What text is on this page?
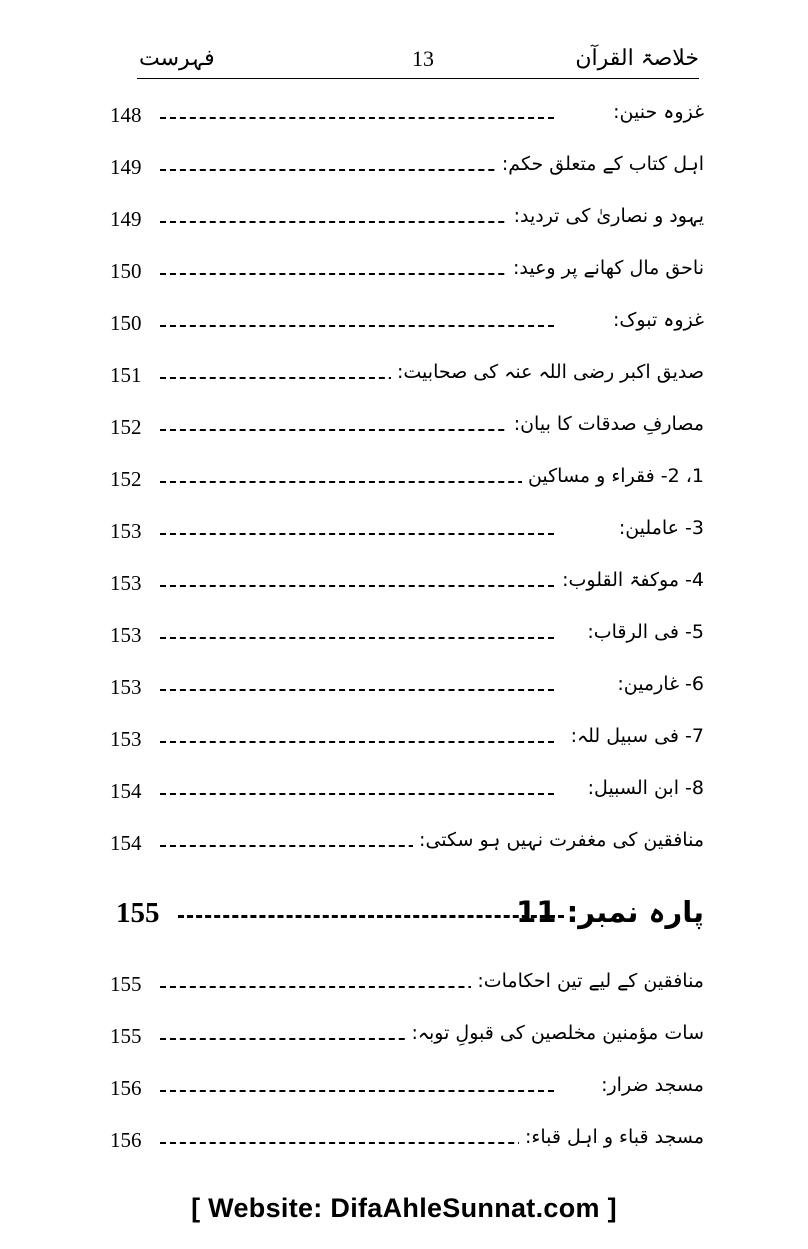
فہرست	13	خلاصۃ القرآن
148	غزوہ حنین:
149	اہل کتاب کے متعلق حکم:
149	یہود و نصاریٰ کی تردید:
150	ناحق مال کھانے پر وعید:
150	غزوہ تبوک:
151	صدیق اکبر رضی اللہ عنہ کی صحابیت:
152	مصارفِ صدقات کا بیان:
152	1، 2- فقراء و مساکین
153	3- عاملین:
153	4- موکفۃ القلوب:
153	5- فی الرقاب:
153	6- غارمین:
153	7- فی سبیل للہ:
154	8- ابن السبیل:
154	منافقین کی مغفرت نہیں ہو سکتی:
155	پارہ نمبر: 11
155	منافقین کے لیے تین احکامات:
155	سات مؤمنین مخلصین کی قبولِ توبہ:
156	مسجد ضرار:
156	مسجد قباء و اہل قباء:
[ Website: DifaAhleSunnat.com ]
